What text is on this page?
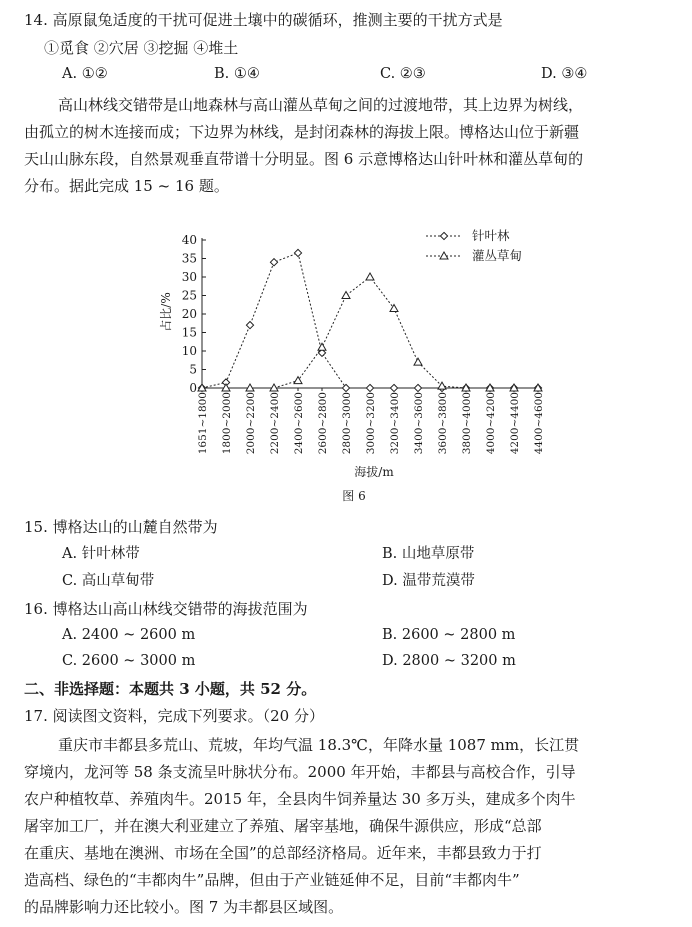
14. 高原鼠兔适度的干扰可促进土壤中的碳循环，推测主要的干扰方式是
①觅食 ②穴居 ③挖掘 ④堆土
A. ①②	B. ①④	C. ②③	D. ③④
高山林线交错带是山地森林与高山灌丛草甸之间的过渡地带，其上边界为树线，
由孤立的树木连接而成；下边界为林线，是封闭森林的海拔上限。博格达山位于新疆
天山山脉东段，自然景观垂直带谱十分明显。图 6 示意博格达山针叶林和灌丛草甸的
分布。据此完成 15 ~ 16 题。
0
5
10
15
20
25
30
35
40
1651~1800 1800~2000 2000~2200 2200~2400 2400~2600 2600~2800 2800~3000 3000~3200 3200~3400 3400~3600 3600~3800 3800~4000 4000~4200 4200~4400 4400~4600
针叶林
灌丛草甸
占比/%
海拔/m
图 6
15. 博格达山的山麓自然带为
A. 针叶林带	B. 山地草原带
C. 高山草甸带	D. 温带荒漠带
16. 博格达山高山林线交错带的海拔范围为
A. 2400 ~ 2600 m	B. 2600 ~ 2800 m
C. 2600 ~ 3000 m	D. 2800 ~ 3200 m
二、非选择题：本题共 3 小题，共 52 分。
17. 阅读图文资料，完成下列要求。（20 分）
重庆市丰都县多荒山、荒坡，年均气温 18.3℃，年降水量 1087 mm，长江贯
穿境内，龙河等 58 条支流呈叶脉状分布。2000 年开始，丰都县与高校合作，引导
农户种植牧草、养殖肉牛。2015 年，全县肉牛饲养量达 30 多万头，建成多个肉牛
屠宰加工厂，并在澳大利亚建立了养殖、屠宰基地，确保牛源供应，形成“总部
在重庆、基地在澳洲、市场在全国”的总部经济格局。近年来，丰都县致力于打
造高档、绿色的“丰都肉牛”品牌，但由于产业链延伸不足，目前“丰都肉牛”
的品牌影响力还比较小。图 7 为丰都县区域图。
